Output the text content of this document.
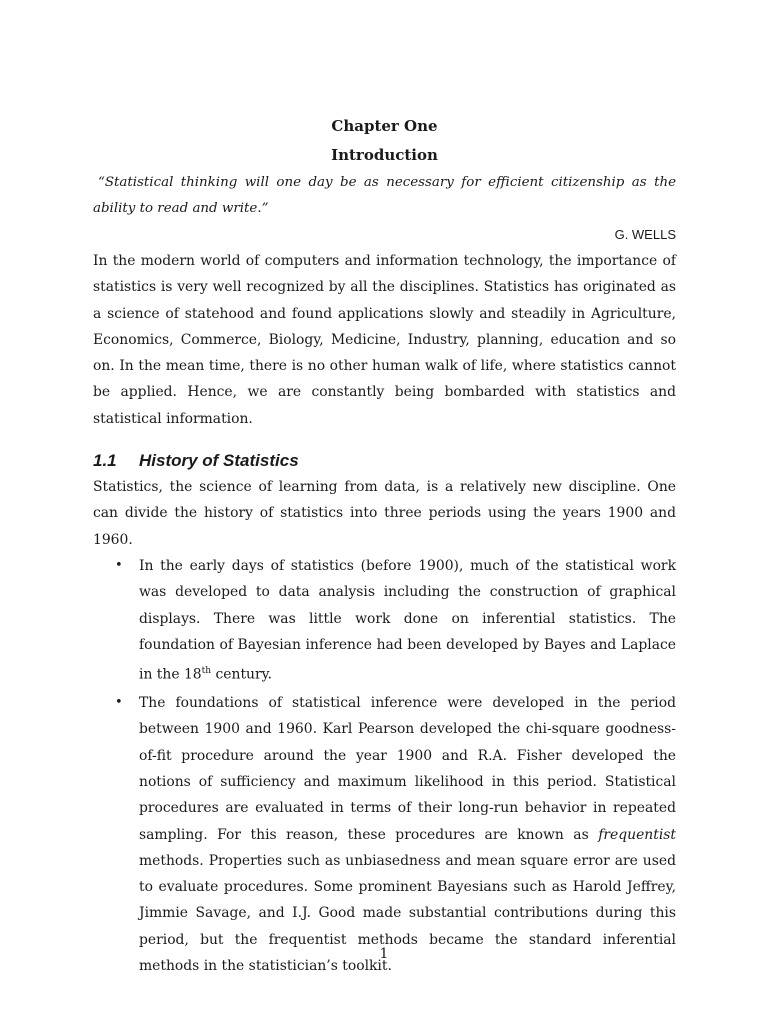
Chapter One

Introduction

“Statistical thinking will one day be as necessary for efficient citizenship as the ability to read and write.”

G. WELLS

In the modern world of computers and information technology, the importance of statistics is very well recognized by all the disciplines. Statistics has originated as a science of statehood and found applications slowly and steadily in Agriculture, Economics, Commerce, Biology, Medicine, Industry, planning, education and so on. In the mean time, there is no other human walk of life, where statistics cannot be applied. Hence, we are constantly being bombarded with statistics and statistical information.

1.1 History of Statistics

Statistics, the science of learning from data, is a relatively new discipline. One can divide the history of statistics into three periods using the years 1900 and 1960.

• In the early days of statistics (before 1900), much of the statistical work was developed to data analysis including the construction of graphical displays. There was little work done on inferential statistics. The foundation of Bayesian inference had been developed by Bayes and Laplace in the 18th century.
• The foundations of statistical inference were developed in the period between 1900 and 1960. Karl Pearson developed the chi-square goodness-of-fit procedure around the year 1900 and R.A. Fisher developed the notions of sufficiency and maximum likelihood in this period. Statistical procedures are evaluated in terms of their long-run behavior in repeated sampling. For this reason, these procedures are known as frequentist methods. Properties such as unbiasedness and mean square error are used to evaluate procedures. Some prominent Bayesians such as Harold Jeffrey, Jimmie Savage, and I.J. Good made substantial contributions during this period, but the frequentist methods became the standard inferential methods in the statistician’s toolkit.
1
